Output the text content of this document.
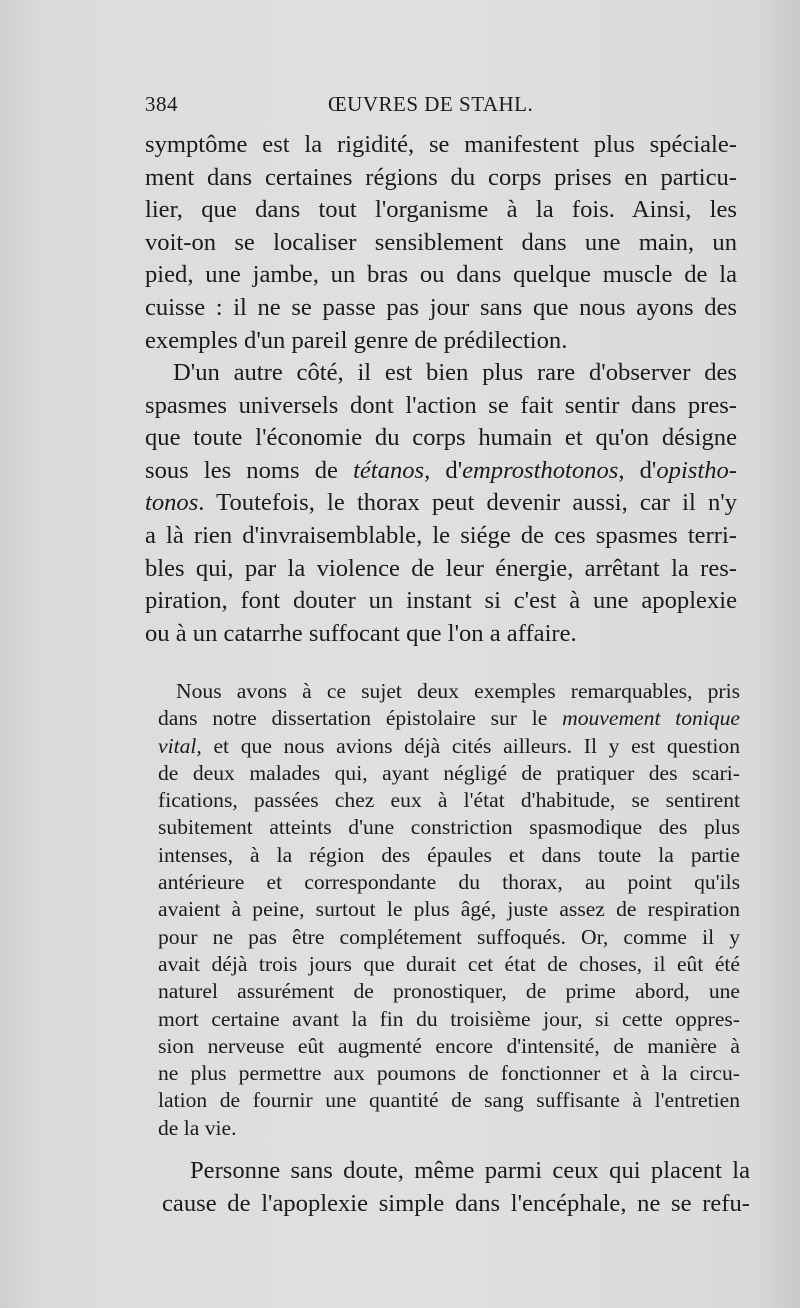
384	ŒUVRES DE STAHL.

symptôme est la rigidité, se manifestent plus spéciale-
ment dans certaines régions du corps prises en particu-
lier, que dans tout l'organisme à la fois. Ainsi, les
voit-on se localiser sensiblement dans une main, un
pied, une jambe, un bras ou dans quelque muscle de la
cuisse : il ne se passe pas jour sans que nous ayons des
exemples d'un pareil genre de prédilection.

D'un autre côté, il est bien plus rare d'observer des
spasmes universels dont l'action se fait sentir dans pres-
que toute l'économie du corps humain et qu'on désigne
sous les noms de tétanos, d'emprosthotonos, d'opistho-
tonos. Toutefois, le thorax peut devenir aussi, car il n'y
a là rien d'invraisemblable, le siége de ces spasmes terri-
bles qui, par la violence de leur énergie, arrêtant la res-
piration, font douter un instant si c'est à une apoplexie
ou à un catarrhe suffocant que l'on a affaire.

Nous avons à ce sujet deux exemples remarquables, pris
dans notre dissertation épistolaire sur le mouvement tonique
vital, et que nous avions déjà cités ailleurs. Il y est question
de deux malades qui, ayant négligé de pratiquer des scari-
fications, passées chez eux à l'état d'habitude, se sentirent
subitement atteints d'une constriction spasmodique des plus
intenses, à la région des épaules et dans toute la partie
antérieure et correspondante du thorax, au point qu'ils
avaient à peine, surtout le plus âgé, juste assez de respiration
pour ne pas être complétement suffoqués. Or, comme il y
avait déjà trois jours que durait cet état de choses, il eût été
naturel assurément de pronostiquer, de prime abord, une
mort certaine avant la fin du troisième jour, si cette oppres-
sion nerveuse eût augmenté encore d'intensité, de manière à
ne plus permettre aux poumons de fonctionner et à la circu-
lation de fournir une quantité de sang suffisante à l'entretien
de la vie.

Personne sans doute, même parmi ceux qui placent la
cause de l'apoplexie simple dans l'encéphale, ne se refu-
